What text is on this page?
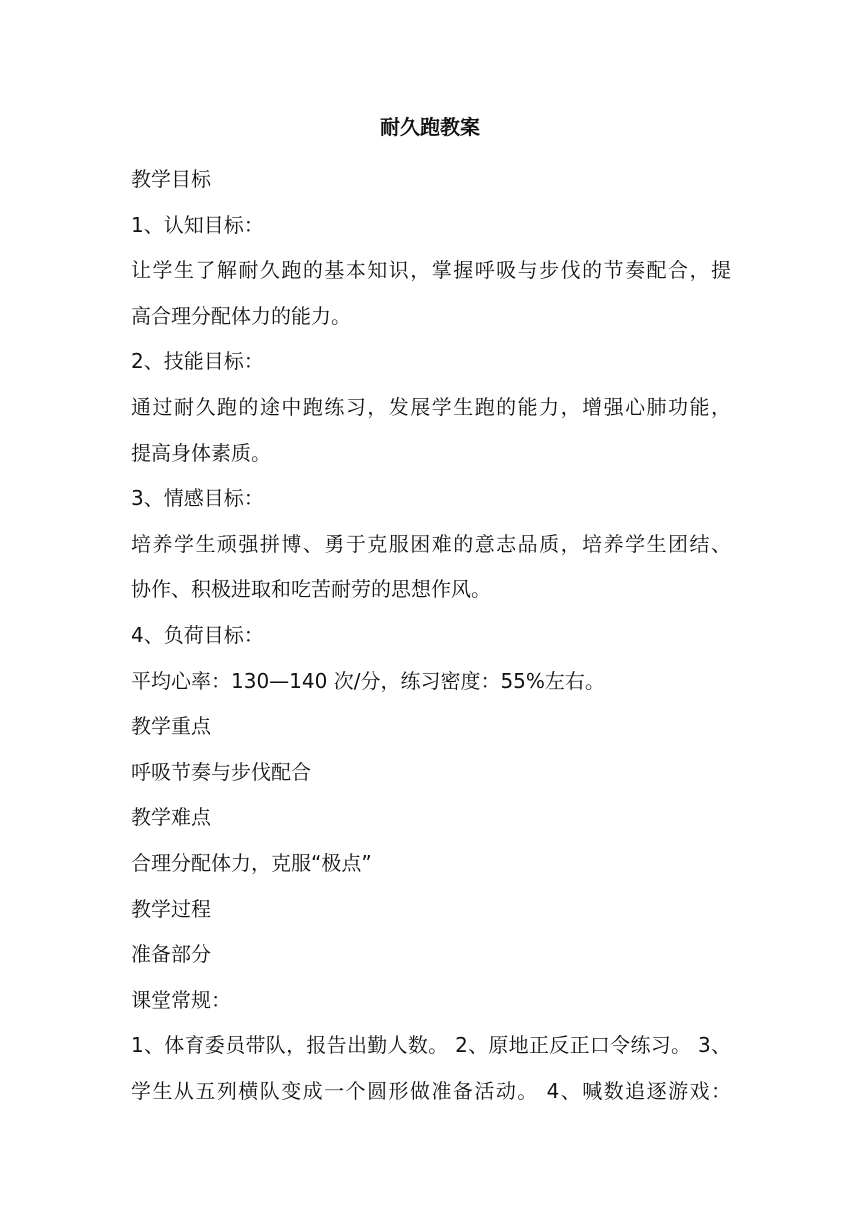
耐久跑教案

教学目标

1、认知目标：

让学生了解耐久跑的基本知识，掌握呼吸与步伐的节奏配合，提

高合理分配体力的能力。

2、技能目标：

通过耐久跑的途中跑练习，发展学生跑的能力，增强心肺功能，

提高身体素质。

3、情感目标：

培养学生顽强拼博、勇于克服困难的意志品质，培养学生团结、

协作、积极进取和吃苦耐劳的思想作风。

4、负荷目标：

平均心率：130—140 次/分，练习密度：55%左右。

教学重点

呼吸节奏与步伐配合

教学难点

合理分配体力，克服“极点”

教学过程

准备部分

课堂常规：

1、体育委员带队，报告出勤人数。 2、原地正反正口令练习。 3、

学生从五列横队变成一个圆形做准备活动。 4、喊数追逐游戏：
